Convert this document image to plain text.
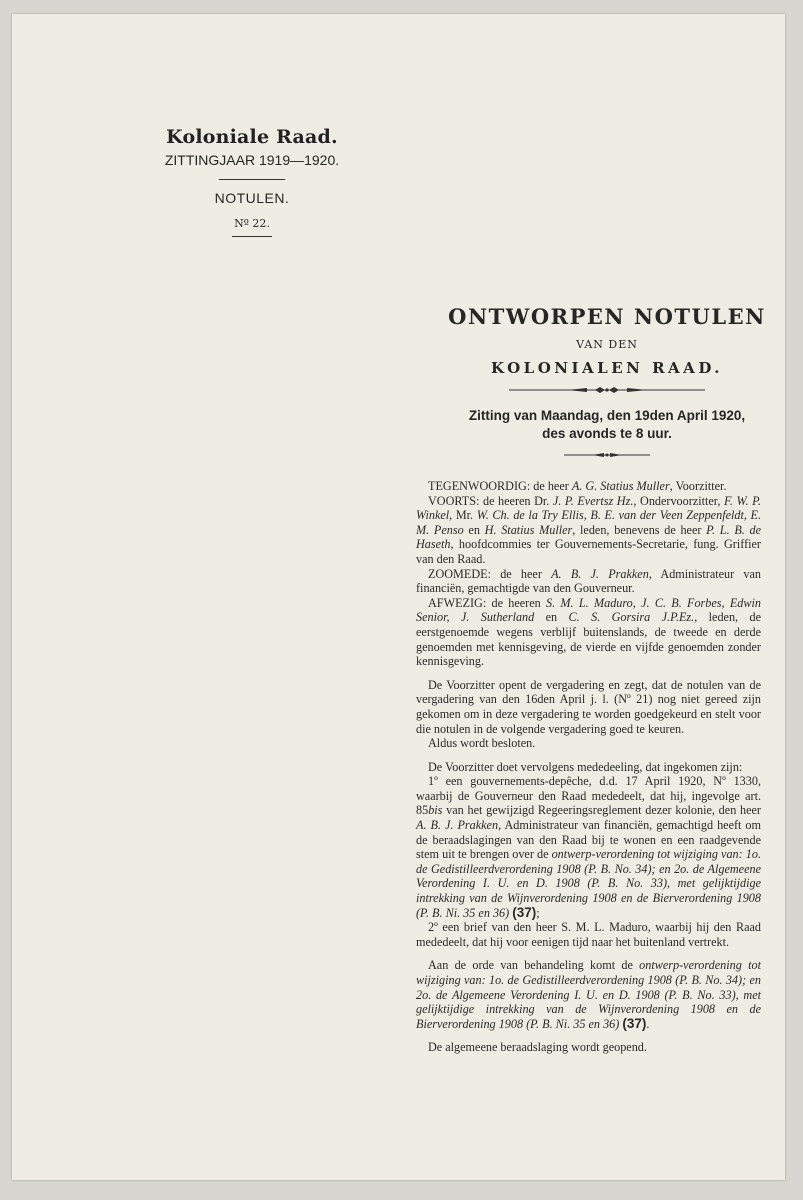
Koloniale Raad.
ZITTINGJAAR 1919—1920.
NOTULEN.
Nº 22.
ONTWORPEN NOTULEN
VAN DEN
KOLONIALEN RAAD.
Zitting van Maandag, den 19den April 1920,
des avonds te 8 uur.

TEGENWOORDIG: de heer A. G. Statius Muller, Voorzitter.

VOORTS: de heeren Dr. J. P. Evertsz Hz., Ondervoorzitter, F. W. P. Winkel, Mr. W. Ch. de la Try Ellis, B. E. van der Veen Zeppenfeldt, E. M. Penso en H. Statius Muller, leden, benevens de heer P. L. B. de Haseth, hoofdcommies ter Gouvernements-Secretarie, fung. Griffier van den Raad.

ZOOMEDE: de heer A. B. J. Prakken, Administrateur van financiën, gemachtigde van den Gouverneur.

AFWEZIG: de heeren S. M. L. Maduro, J. C. B. Forbes, Edwin Senior, J. Sutherland en C. S. Gorsira J.P.Ez., leden, de eerstgenoemde wegens verblijf buitenslands, de tweede en derde genoemden met kennisgeving, de vierde en vijfde genoemden zonder kennisgeving.

De Voorzitter opent de vergadering en zegt, dat de notulen van de vergadering van den 16den April j. l. (Nº 21) nog niet gereed zijn gekomen om in deze vergadering te worden goedgekeurd en stelt voor die notulen in de volgende vergadering goed te keuren.

Aldus wordt besloten.

De Voorzitter doet vervolgens mededeeling, dat ingekomen zijn:

1º een gouvernements-depêche, d.d. 17 April 1920, Nº 1330, waarbij de Gouverneur den Raad mededeelt, dat hij, ingevolge art. 85bis van het gewijzigd Regeeringsreglement dezer kolonie, den heer A. B. J. Prakken, Administrateur van financiën, gemachtigd heeft om de beraadslagingen van den Raad bij te wonen en een raadgevende stem uit te brengen over de ontwerp-verordening tot wijziging van: 1o. de Gedistilleerdverordening 1908 (P. B. No. 34); en 2o. de Algemeene Verordening I. U. en D. 1908 (P. B. No. 33), met gelijktijdige intrekking van de Wijnverordening 1908 en de Bierverordening 1908 (P. B. Ni. 35 en 36) (37);

2º een brief van den heer S. M. L. Maduro, waarbij hij den Raad mededeelt, dat hij voor eenigen tijd naar het buitenland vertrekt.

Aan de orde van behandeling komt de ontwerp-verordening tot wijziging van: 1o. de Gedistilleerdverordening 1908 (P. B. No. 34); en 2o. de Algemeene Verordening I. U. en D. 1908 (P. B. No. 33), met gelijktijdige intrekking van de Wijnverordening 1908 en de Bierverordening 1908 (P. B. Ni. 35 en 36) (37).

De algemeene beraadslaging wordt geopend.
